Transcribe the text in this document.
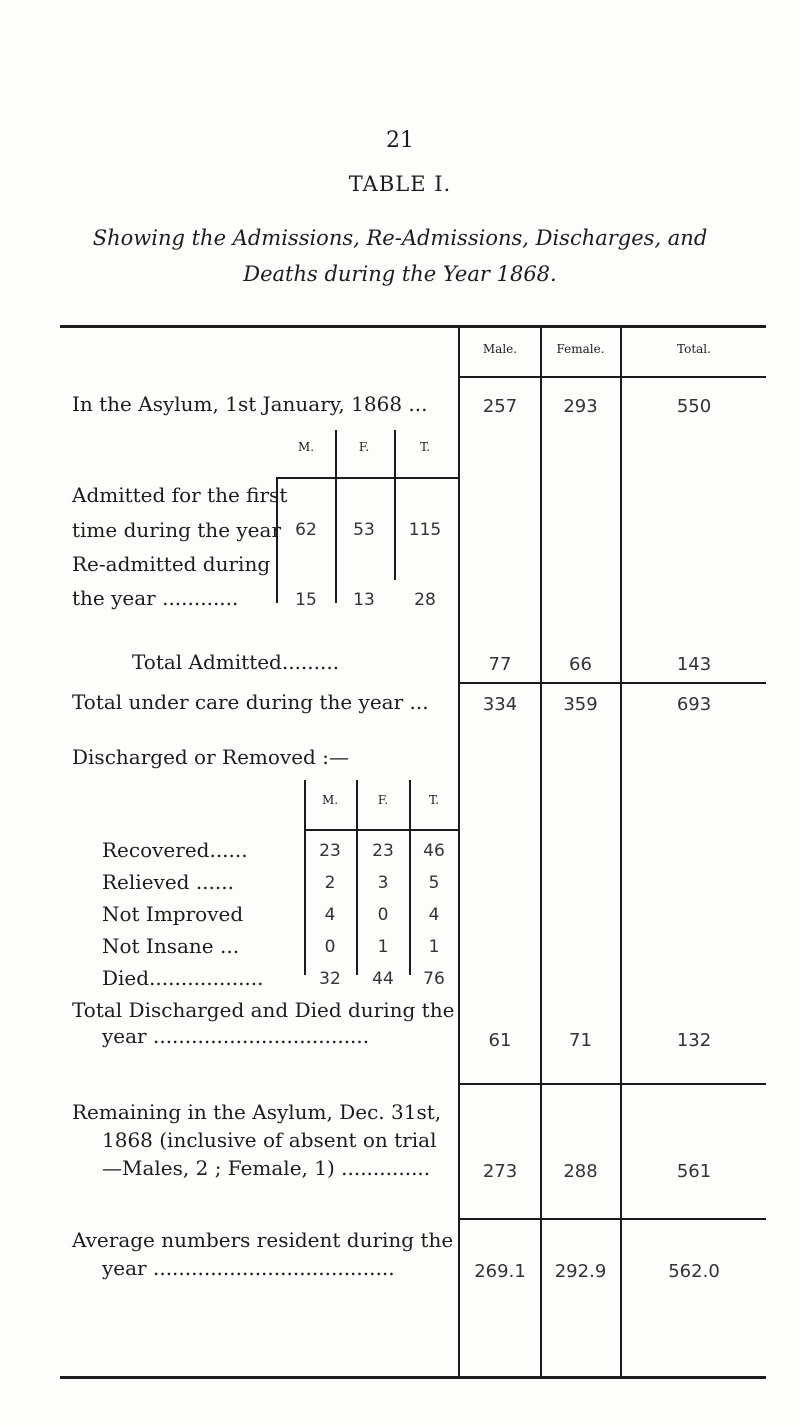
21
TABLE I.
Showing the Admissions, Re-Admissions, Discharges, and
Deaths during the Year 1868.
Male.	Female.	Total.
In the Asylum, 1st January, 1868 ...	257	293	550
M.	F.	T.
Admitted for the first
time during the year 62	53	115
Re-admitted during
the year ............	15	13	28
Total Admitted.........	77	66	143
Total under care during the year ...	334	359	693
Discharged or Removed :—
M.	F.	T.
Recovered......	23	23	46
Relieved ......	2	3	5
Not Improved	4	0	4
Not Insane ...	0	1	1
Died..................	32	44	76
Total Discharged and Died during the
year ..................................	61	71	132
Remaining in the Asylum, Dec. 31st,
1868 (inclusive of absent on trial
—Males, 2 ; Female, 1) ..............	273	288	561
Average numbers resident during the
year ......................................	269.1	292.9	562.0
